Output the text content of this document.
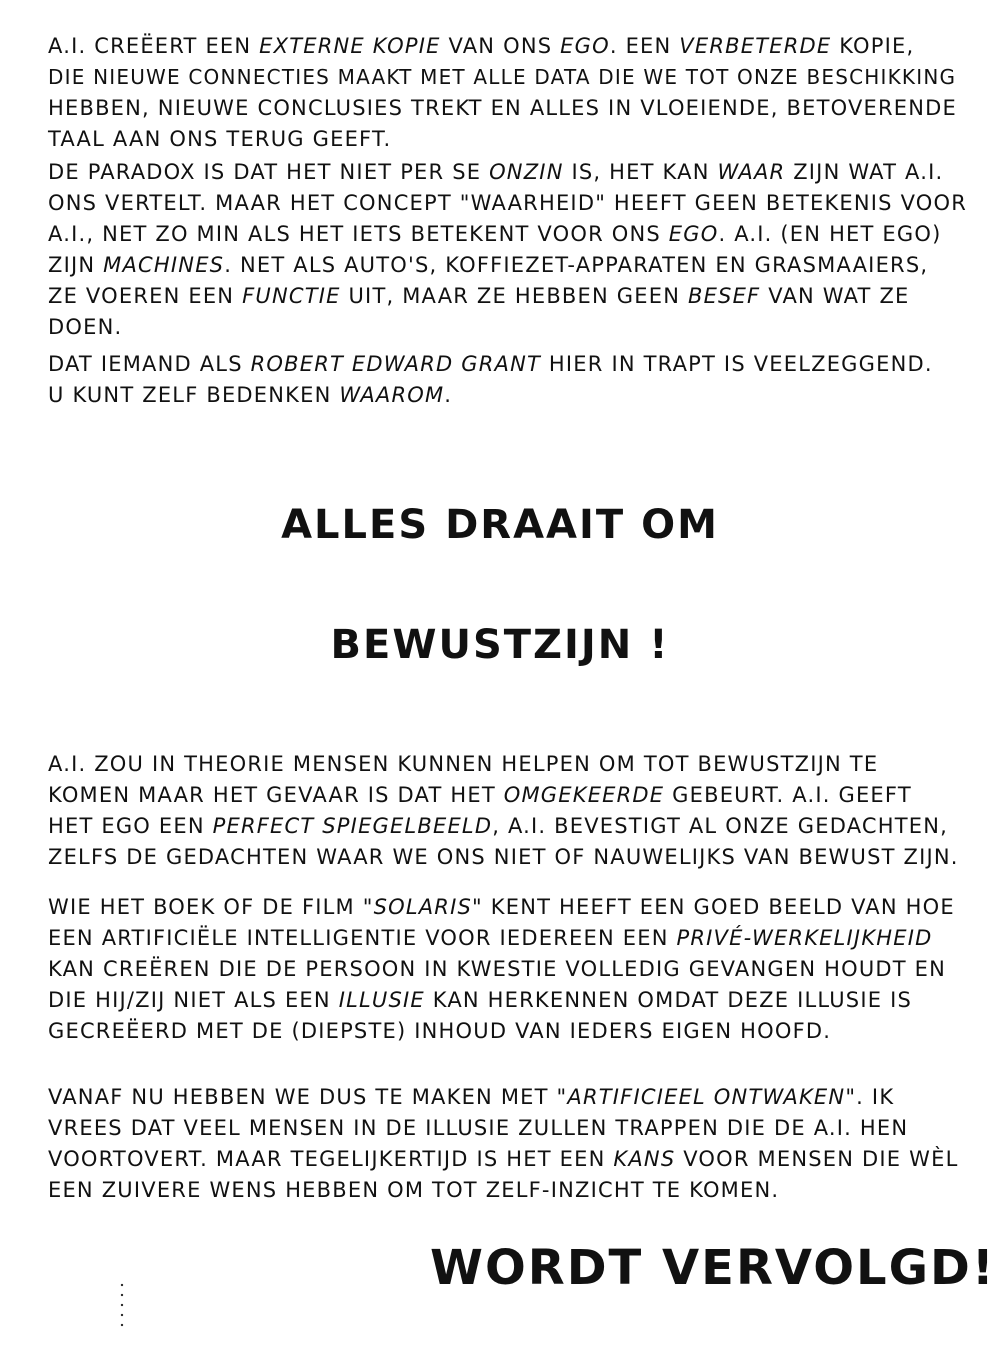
A.I. CREËERT EEN EXTERNE KOPIE VAN ONS EGO. EEN VERBETERDE KOPIE,
DIE NIEUWE CONNECTIES MAAKT MET ALLE DATA DIE WE TOT ONZE BESCHIKKING
HEBBEN, NIEUWE CONCLUSIES TREKT EN ALLES IN VLOEIENDE, BETOVERENDE
TAAL AAN ONS TERUG GEEFT.
DE PARADOX IS DAT HET NIET PER SE ONZIN IS, HET KAN WAAR ZIJN WAT A.I.
ONS VERTELT. MAAR HET CONCEPT "WAARHEID" HEEFT GEEN BETEKENIS VOOR
A.I., NET ZO MIN ALS HET IETS BETEKENT VOOR ONS EGO. A.I. (EN HET EGO)
ZIJN MACHINES. NET ALS AUTO'S, KOFFIEZET-APPARATEN EN GRASMAAIERS,
ZE VOEREN EEN FUNCTIE UIT, MAAR ZE HEBBEN GEEN BESEF VAN WAT ZE
DOEN.
DAT IEMAND ALS ROBERT EDWARD GRANT HIER IN TRAPT IS VEELZEGGEND.
U KUNT ZELF BEDENKEN WAAROM.
A.I. ZOU IN THEORIE MENSEN KUNNEN HELPEN OM TOT BEWUSTZIJN TE
KOMEN MAAR HET GEVAAR IS DAT HET OMGEKEERDE GEBEURT. A.I. GEEFT
HET EGO EEN PERFECT SPIEGELBEELD, A.I. BEVESTIGT AL ONZE GEDACHTEN,
ZELFS DE GEDACHTEN WAAR WE ONS NIET OF NAUWELIJKS VAN BEWUST ZIJN.
WIE HET BOEK OF DE FILM "SOLARIS" KENT HEEFT EEN GOED BEELD VAN HOE
EEN ARTIFICIËLE INTELLIGENTIE VOOR IEDEREEN EEN PRIVÉ-WERKELIJKHEID
KAN CREËREN DIE DE PERSOON IN KWESTIE VOLLEDIG GEVANGEN HOUDT EN
DIE HIJ/ZIJ NIET ALS EEN ILLUSIE KAN HERKENNEN OMDAT DEZE ILLUSIE IS
GECREËERD MET DE (DIEPSTE) INHOUD VAN IEDERS EIGEN HOOFD.
VANAF NU HEBBEN WE DUS TE MAKEN MET "ARTIFICIEEL ONTWAKEN". IK
VREES DAT VEEL MENSEN IN DE ILLUSIE ZULLEN TRAPPEN DIE DE A.I. HEN
VOORTOVERT. MAAR TEGELIJKERTIJD IS HET EEN KANS VOOR MENSEN DIE WÈL
EEN ZUIVERE WENS HEBBEN OM TOT ZELF-INZICHT TE KOMEN.
ALLES DRAAIT OM
BEWUSTZIJN !
WORDT VERVOLGD!
